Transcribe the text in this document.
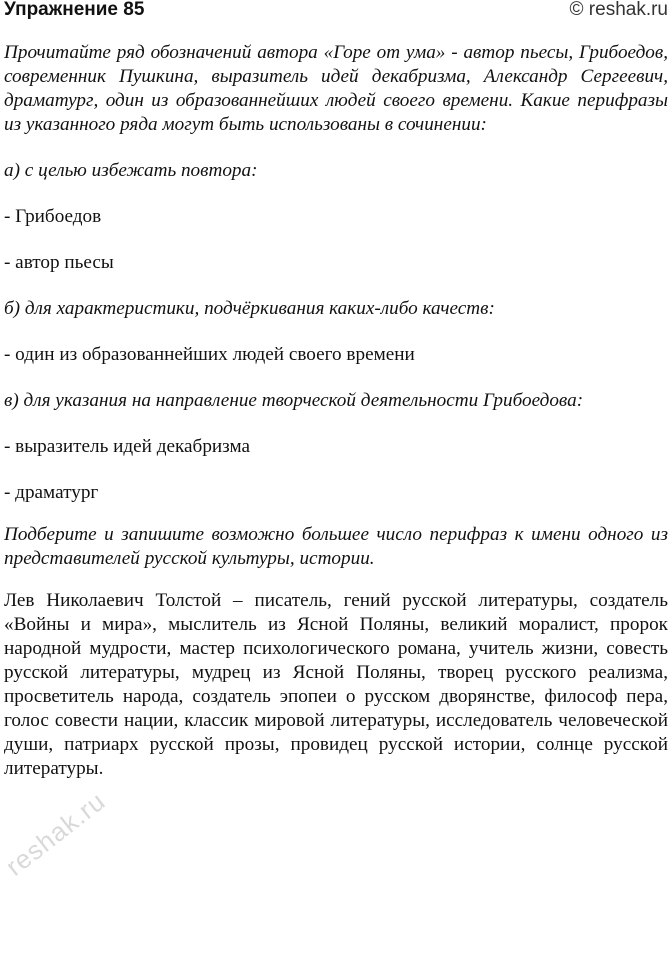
Упражнение 85	© reshak.ru

Прочитайте ряд обозначений автора «Горе от ума» - автор пьесы, Грибоедов, современник Пушкина, выразитель идей декабризма, Александр Сергеевич, драматург, один из образованнейших людей своего времени. Какие перифразы из указанного ряда могут быть использованы в сочинении:

а) с целью избежать повтора:

- Грибоедов

- автор пьесы

б) для характеристики, подчёркивания каких-либо качеств:

- один из образованнейших людей своего времени

в) для указания на направление творческой деятельности Грибоедова:

- выразитель идей декабризма

- драматург

Подберите и запишите возможно большее число перифраз к имени одного из представителей русской культуры, истории.

Лев Николаевич Толстой – писатель, гений русской литературы, создатель «Войны и мира», мыслитель из Ясной Поляны, великий моралист, пророк народной мудрости, мастер психологического романа, учитель жизни, совесть русской литературы, мудрец из Ясной Поляны, творец русского реализма, просветитель народа, создатель эпопеи о русском дворянстве, философ пера, голос совести нации, классик мировой литературы, исследователь человеческой души, патриарх русской прозы, провидец русской истории, солнце русской литературы.

reshak.ru
